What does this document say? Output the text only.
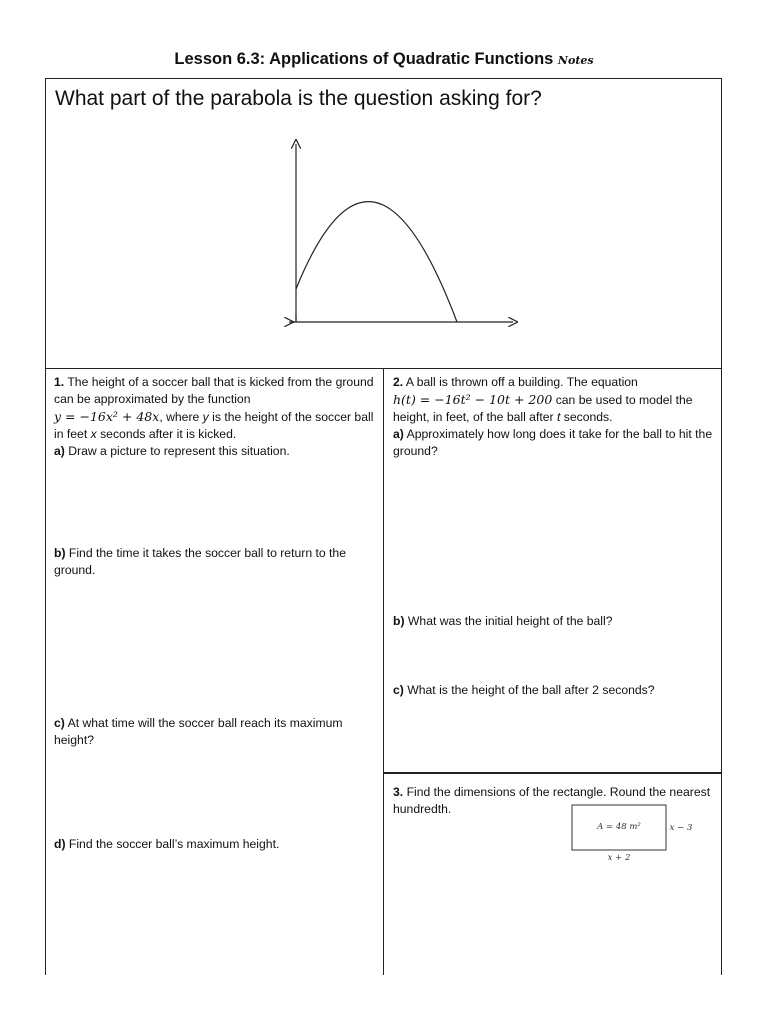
Lesson 6.3: Applications of Quadratic Functions Notes
What part of the parabola is the question asking for?
1. The height of a soccer ball that is kicked from the ground can be approximated by the function
y = −16x² + 48x, where y is the height of the soccer ball in feet x seconds after it is kicked.
a) Draw a picture to represent this situation.
b) Find the time it takes the soccer ball to return to the ground.
c) At what time will the soccer ball reach its maximum height?
d) Find the soccer ball’s maximum height.
2. A ball is thrown off a building. The equation
h(t) = −16t² − 10t + 200 can be used to model the height, in feet, of the ball after t seconds.
a) Approximately how long does it take for the ball to hit the ground?
b) What was the initial height of the ball?
c) What is the height of the ball after 2 seconds?
3. Find the dimensions of the rectangle. Round the nearest hundredth.
A = 48 m²	x − 3
x + 2
